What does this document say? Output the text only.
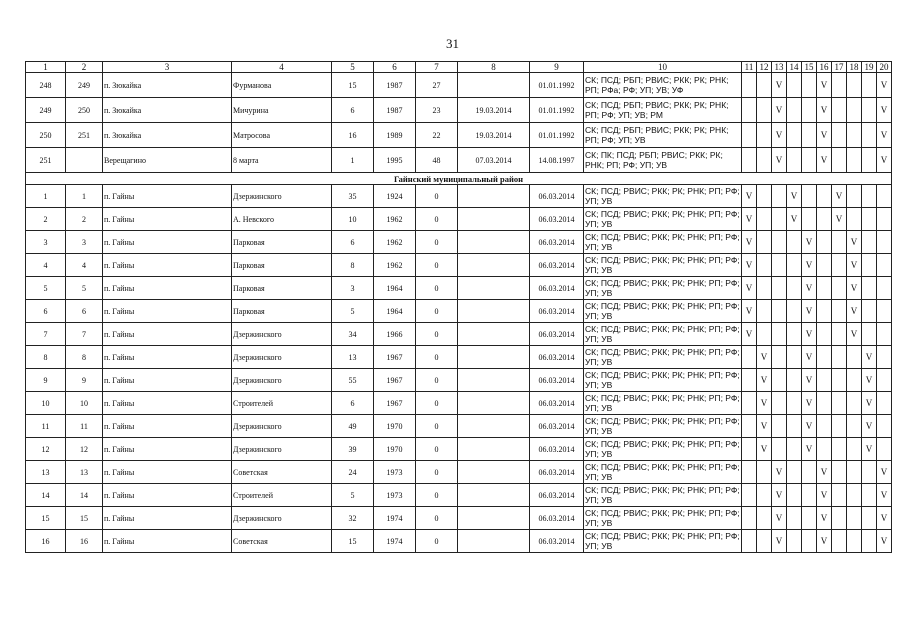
31
1	2	3	4	5	6	7	8	9	10	11	12	13	14	15	16	17	18	19	20
248	249	п. Зюкайка	Фурманова	15	1987	27		01.01.1992	СК; ПСД; РБП; РВИС; РКК; РК; РНК; РП; РФа; РФ; УП; УВ; УФ			V			V				V
249	250	п. Зюкайка	Мичурина	6	1987	23	19.03.2014	01.01.1992	СК; ПСД; РБП; РВИС; РКК; РК; РНК; РП; РФ; УП; УВ; РМ			V			V				V
250	251	п. Зюкайка	Матросова	16	1989	22	19.03.2014	01.01.1992	СК; ПСД; РБП; РВИС; РКК; РК; РНК; РП; РФ; УП; УВ			V			V				V
251		Верещагино	8 марта	1	1995	48	07.03.2014	14.08.1997	СК; ПК; ПСД; РБП; РВИС; РКК; РК; РНК; РП; РФ; УП; УВ			V			V				V
Гайнский муниципальный район																			
1	1	п. Гайны	Дзержинского	35	1924	0		06.03.2014	СК; ПСД; РВИС; РКК; РК; РНК; РП; РФ; УП; УВ	V			V			V			
2	2	п. Гайны	А. Невского	10	1962	0		06.03.2014	СК; ПСД; РВИС; РКК; РК; РНК; РП; РФ; УП; УВ	V			V			V			
3	3	п. Гайны	Парковая	6	1962	0		06.03.2014	СК; ПСД; РВИС; РКК; РК; РНК; РП; РФ; УП; УВ	V				V			V		
4	4	п. Гайны	Парковая	8	1962	0		06.03.2014	СК; ПСД; РВИС; РКК; РК; РНК; РП; РФ; УП; УВ	V				V			V		
5	5	п. Гайны	Парковая	3	1964	0		06.03.2014	СК; ПСД; РВИС; РКК; РК; РНК; РП; РФ; УП; УВ	V				V			V		
6	6	п. Гайны	Парковая	5	1964	0		06.03.2014	СК; ПСД; РВИС; РКК; РК; РНК; РП; РФ; УП; УВ	V				V			V		
7	7	п. Гайны	Дзержинского	34	1966	0		06.03.2014	СК; ПСД; РВИС; РКК; РК; РНК; РП; РФ; УП; УВ	V				V			V		
8	8	п. Гайны	Дзержинского	13	1967	0		06.03.2014	СК; ПСД; РВИС; РКК; РК; РНК; РП; РФ; УП; УВ		V			V				V	
9	9	п. Гайны	Дзержинского	55	1967	0		06.03.2014	СК; ПСД; РВИС; РКК; РК; РНК; РП; РФ; УП; УВ		V			V				V	
10	10	п. Гайны	Строителей	6	1967	0		06.03.2014	СК; ПСД; РВИС; РКК; РК; РНК; РП; РФ; УП; УВ		V			V				V	
11	11	п. Гайны	Дзержинского	49	1970	0		06.03.2014	СК; ПСД; РВИС; РКК; РК; РНК; РП; РФ; УП; УВ		V			V				V	
12	12	п. Гайны	Дзержинского	39	1970	0		06.03.2014	СК; ПСД; РВИС; РКК; РК; РНК; РП; РФ; УП; УВ		V			V				V	
13	13	п. Гайны	Советская	24	1973	0		06.03.2014	СК; ПСД; РВИС; РКК; РК; РНК; РП; РФ; УП; УВ			V			V				V
14	14	п. Гайны	Строителей	5	1973	0		06.03.2014	СК; ПСД; РВИС; РКК; РК; РНК; РП; РФ; УП; УВ			V			V				V
15	15	п. Гайны	Дзержинского	32	1974	0		06.03.2014	СК; ПСД; РВИС; РКК; РК; РНК; РП; РФ; УП; УВ			V			V				V
16	16	п. Гайны	Советская	15	1974	0		06.03.2014	СК; ПСД; РВИС; РКК; РК; РНК; РП; РФ; УП; УВ			V			V				V
